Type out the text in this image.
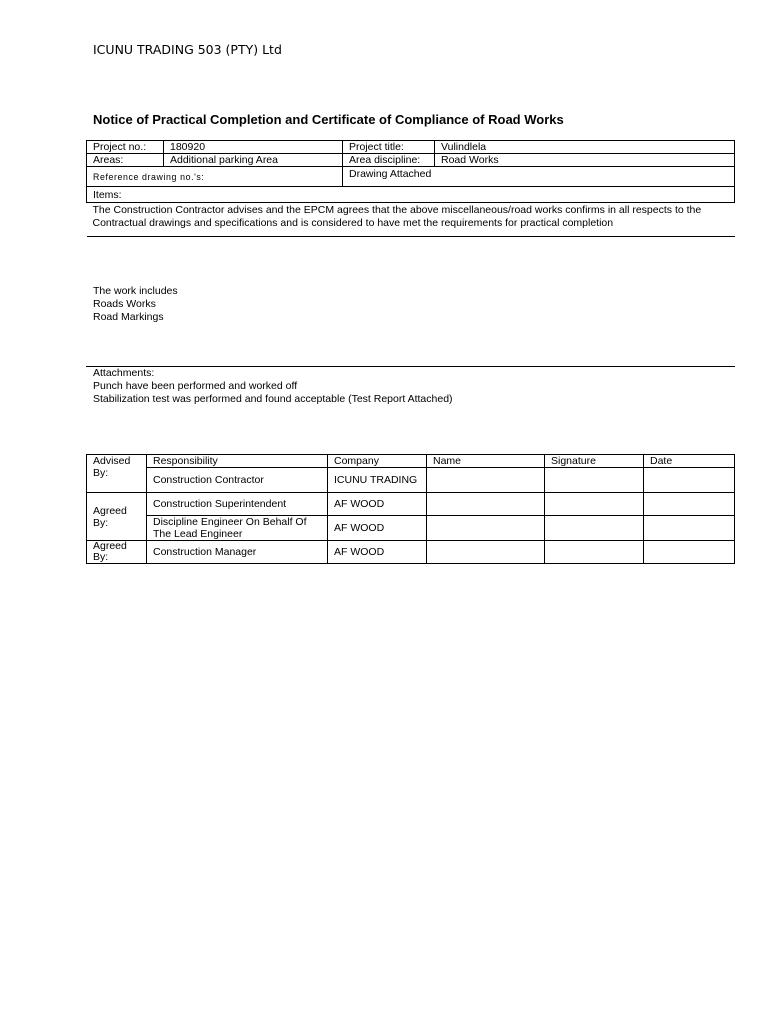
ICUNU TRADING 503 (PTY) Ltd
Notice of Practical Completion and Certificate of Compliance of Road Works
Project no.:	180920	Project title:	Vulindlela
Areas:	Additional parking Area	Area discipline:	Road Works
Reference drawing no.'s:		Drawing Attached	
Items:			

The Construction Contractor advises and the EPCM agrees that the above miscellaneous/road works confirms in all respects to the
Contractual drawings and specifications and is considered to have met the requirements for practical completion			
The work includes
Roads Works
Road Markings
Attachments:
Punch have been performed and worked off
Stabilization test was performed and found acceptable (Test Report Attached)
Advised
By:	Responsibility	Company	Name	Signature	Date
	Construction Contractor	ICUNU TRADING			

Agreed
By:	Construction Superintendent	AF WOOD			

	Discipline Engineer On Behalf Of
The Lead Engineer	AF WOOD			

Agreed
By:	Construction Manager	AF WOOD			
